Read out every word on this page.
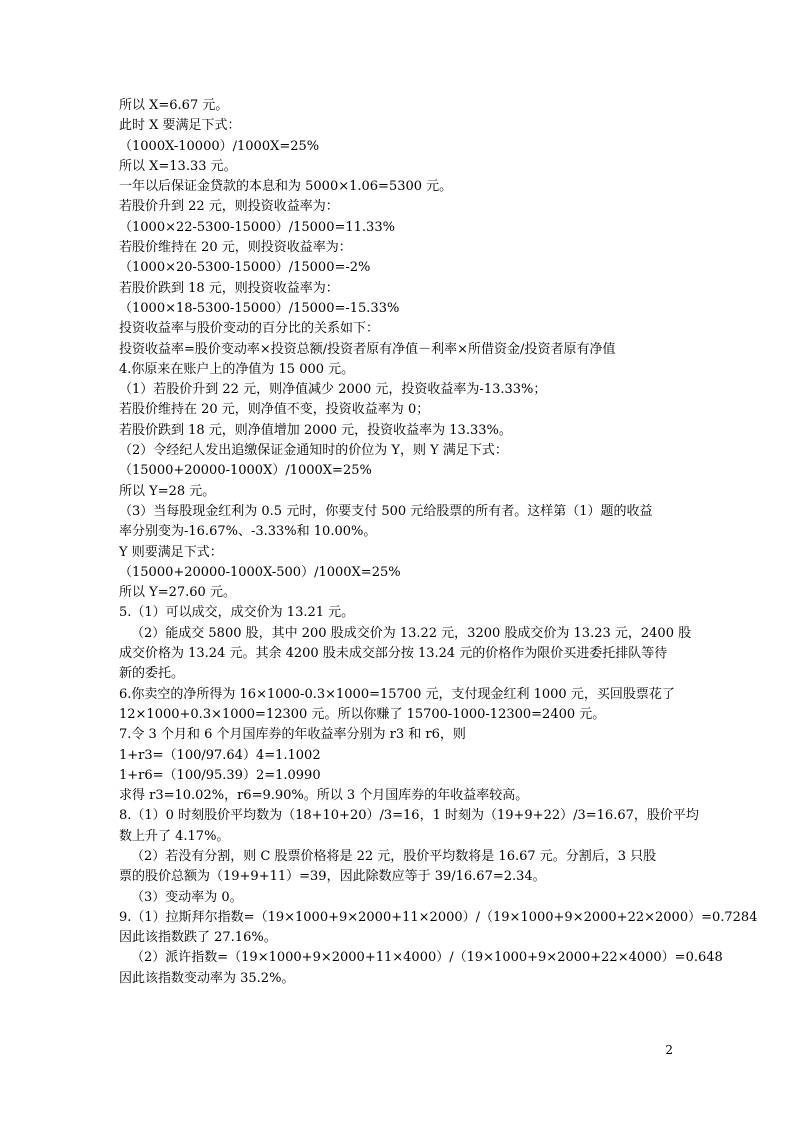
所以 X=6.67 元。
此时 X 要满足下式：
（1000X-10000）/1000X=25%
所以 X=13.33 元。
一年以后保证金贷款的本息和为 5000×1.06=5300 元。
若股价升到 22 元，则投资收益率为：
（1000×22-5300-15000）/15000=11.33%
若股价维持在 20 元，则投资收益率为：
（1000×20-5300-15000）/15000=-2%
若股价跌到 18 元，则投资收益率为：
（1000×18-5300-15000）/15000=-15.33%
投资收益率与股价变动的百分比的关系如下：
投资收益率=股价变动率×投资总额/投资者原有净值－利率×所借资金/投资者原有净值
4.你原来在账户上的净值为 15 000 元。
（1）若股价升到 22 元，则净值减少 2000 元，投资收益率为-13.33%；
若股价维持在 20 元，则净值不变，投资收益率为 0；
若股价跌到 18 元，则净值增加 2000 元，投资收益率为 13.33%。
（2）令经纪人发出追缴保证金通知时的价位为 Y，则 Y 满足下式：
（15000+20000-1000X）/1000X=25%
所以 Y=28 元。
（3）当每股现金红利为 0.5 元时，你要支付 500 元给股票的所有者。这样第（1）题的收益
率分别变为-16.67%、-3.33%和 10.00%。
Y 则要满足下式：
（15000+20000-1000X-500）/1000X=25%
所以 Y=27.60 元。
5.（1）可以成交，成交价为 13.21 元。
（2）能成交 5800 股，其中 200 股成交价为 13.22 元，3200 股成交价为 13.23 元，2400 股
成交价格为 13.24 元。其余 4200 股未成交部分按 13.24 元的价格作为限价买进委托排队等待
新的委托。
6.你卖空的净所得为 16×1000-0.3×1000=15700 元，支付现金红利 1000 元，买回股票花了
12×1000+0.3×1000=12300 元。所以你赚了 15700-1000-12300=2400 元。
7.令 3 个月和 6 个月国库券的年收益率分别为 r3 和 r6，则
1+r3=（100/97.64）4=1.1002
1+r6=（100/95.39）2=1.0990
求得 r3=10.02%，r6=9.90%。所以 3 个月国库券的年收益率较高。
8.（1）0 时刻股价平均数为（18+10+20）/3=16，1 时刻为（19+9+22）/3=16.67，股价平均
数上升了 4.17%。
（2）若没有分割，则 C 股票价格将是 22 元，股价平均数将是 16.67 元。分割后，3 只股
票的股价总额为（19+9+11）=39，因此除数应等于 39/16.67=2.34。
（3）变动率为 0。
9.（1）拉斯拜尔指数=（19×1000+9×2000+11×2000）/（19×1000+9×2000+22×2000）=0.7284
因此该指数跌了 27.16%。
（2）派许指数=（19×1000+9×2000+11×4000）/（19×1000+9×2000+22×4000）=0.648
因此该指数变动率为 35.2%。
2
